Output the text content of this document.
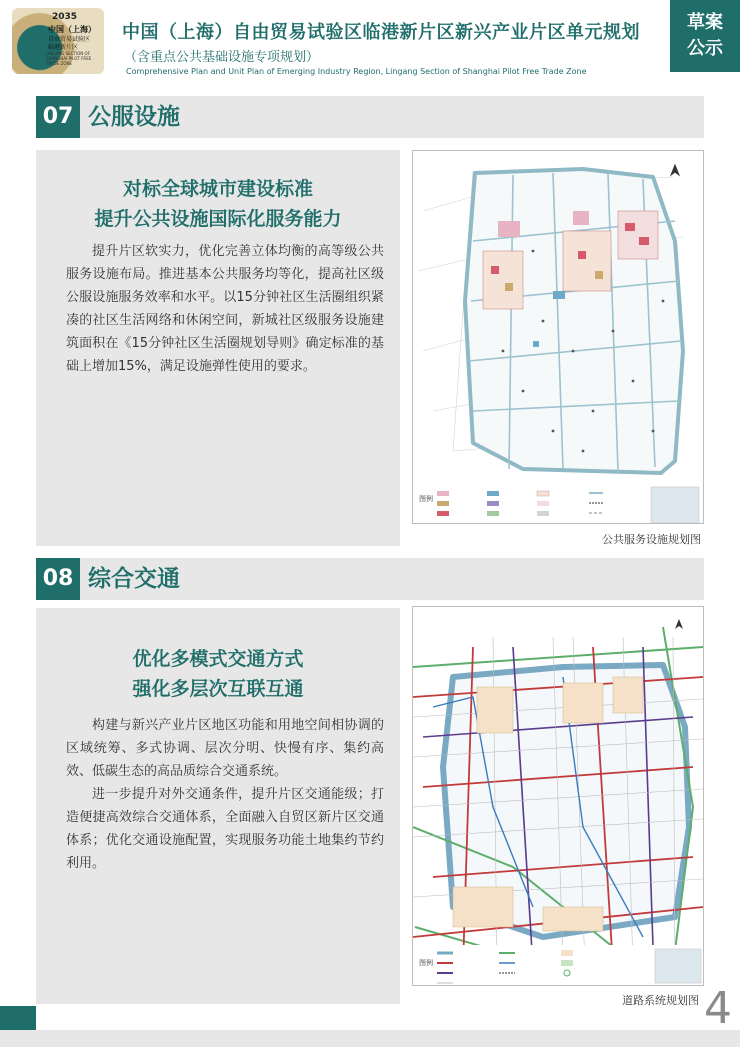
2035
中国（上海）
自由贸易试验区
临港新片区
LINGANG SECTION OF SHANGHAI PILOT FREE TRADE ZONE
中国（上海）自由贸易试验区临港新片区新兴产业片区单元规划
（含重点公共基础设施专项规划）
Comprehensive Plan and Unit Plan of Emerging Industry Region, Lingang Section of Shanghai Pilot Free Trade Zone
草案
公示
07 公服设施
对标全球城市建设标准
提升公共设施国际化服务能力

提升片区软实力，优化完善立体均衡的高等级公共服务设施布局。推进基本公共服务均等化，提高社区级公服设施服务效率和水平。以15分钟社区生活圈组织紧凑的社区生活网络和休闲空间，新城社区级服务设施建筑面积在《15分钟社区生活圈规划导则》确定标准的基础上增加15%，满足设施弹性使用的要求。

图例
公共服务设施规划图
08 综合交通
优化多模式交通方式
强化多层次互联互通

构建与新兴产业片区地区功能和用地空间相协调的区域统筹、多式协调、层次分明、快慢有序、集约高效、低碳生态的高品质综合交通系统。

进一步提升对外交通条件，提升片区交通能级；打造便捷高效综合交通体系，全面融入自贸区新片区交通体系；优化交通设施配置，实现服务功能土地集约节约利用。

图例
道路系统规划图 4
